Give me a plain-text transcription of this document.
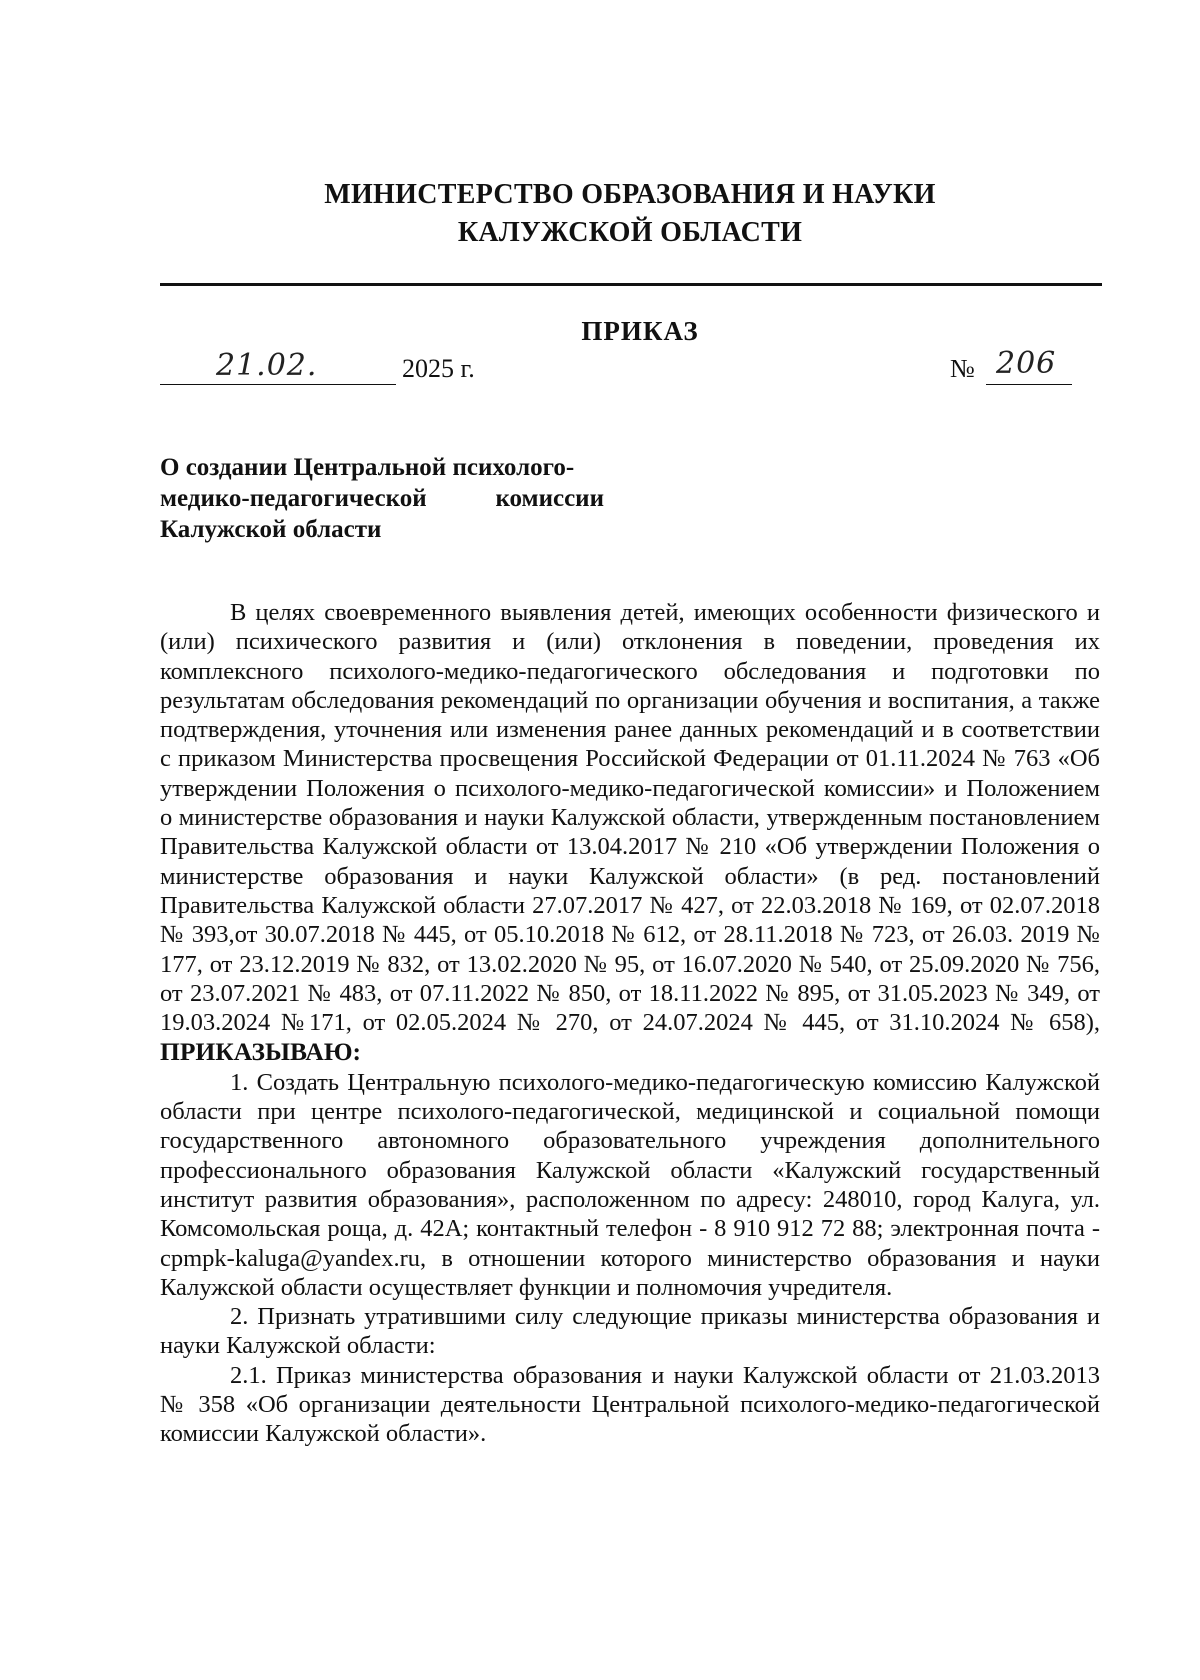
МИНИСТЕРСТВО ОБРАЗОВАНИЯ И НАУКИ
КАЛУЖСКОЙ ОБЛАСТИ
ПРИКАЗ
21.02.	2025 г.	№ 206
О создании Центральной психолого-
медико-педагогической	комиссии
Калужской области

В целях своевременного выявления детей, имеющих особенности физического и (или) психического развития и (или) отклонения в поведении, проведения их комплексного психолого-медико-педагогического обследования и подготовки по результатам обследования рекомендаций по организации обучения и воспитания, а также подтверждения, уточнения или изменения ранее данных рекомендаций и в соответствии с приказом Министерства просвещения Российской Федерации от 01.11.2024 № 763 «Об утверждении Положения о психолого-медико-педагогической комиссии» и Положением о министерстве образования и науки Калужской области, утвержденным постановлением Правительства Калужской области от 13.04.2017 № 210 «Об утверждении Положения о министерстве образования и науки Калужской области» (в ред. постановлений Правительства Калужской области 27.07.2017 № 427, от 22.03.2018 № 169, от 02.07.2018 № 393,от 30.07.2018 № 445, от 05.10.2018 № 612, от 28.11.2018 № 723, от 26.03. 2019 № 177, от 23.12.2019 № 832, от 13.02.2020 № 95, от 16.07.2020 № 540, от 25.09.2020 № 756, от 23.07.2021 № 483, от 07.11.2022 № 850, от 18.11.2022 № 895, от 31.05.2023 № 349, от 19.03.2024 №171, от 02.05.2024 № 270, от 24.07.2024 № 445, от 31.10.2024 № 658), ПРИКАЗЫВАЮ:

1. Создать Центральную психолого-медико-педагогическую комиссию Калужской области при центре психолого-педагогической, медицинской и социальной помощи государственного автономного образовательного учреждения дополнительного профессионального образования Калужской области «Калужский государственный институт развития образования», расположенном по адресу: 248010, город Калуга, ул. Комсомольская роща, д. 42А; контактный телефон - 8 910 912 72 88; электронная почта - cpmpk-kaluga@yandex.ru, в отношении которого министерство образования и науки Калужской области осуществляет функции и полномочия учредителя.

2. Признать утратившими силу следующие приказы министерства образования и науки Калужской области:

2.1. Приказ министерства образования и науки Калужской области от 21.03.2013 № 358 «Об организации деятельности Центральной психолого-медико-педагогической комиссии Калужской области».
